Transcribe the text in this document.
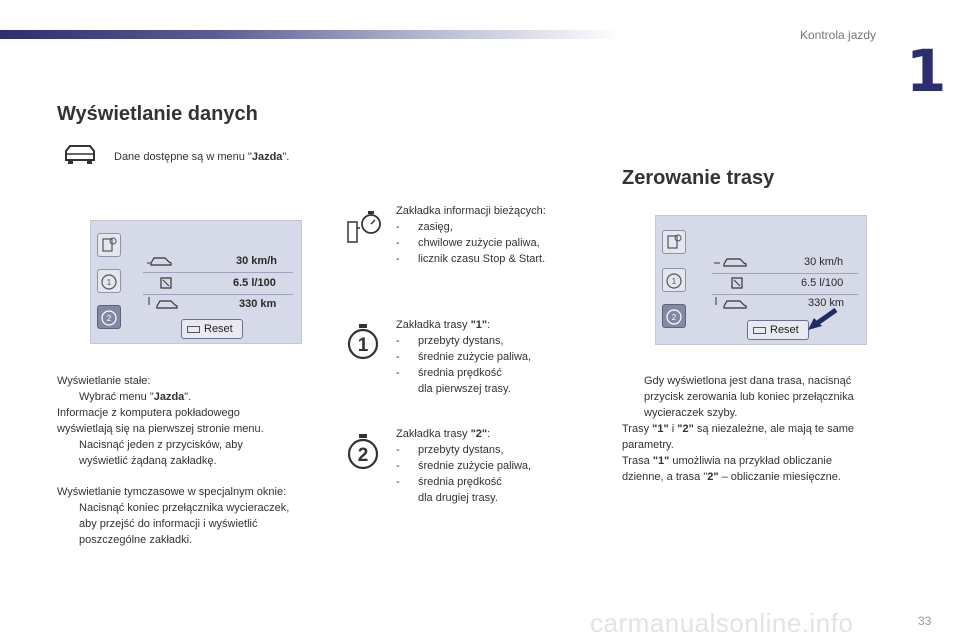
Kontrola jazdy
1
Wyświetlanie danych
Dane dostępne są w menu "Jazda".
1
2
30 km/h
6.5 l/100
330 km
Reset
Wyświetlanie stałe:
Wybrać menu "Jazda".
Informacje z komputera pokładowego
wyświetlają się na pierwszej stronie menu.
Nacisnąć jeden z przycisków, aby
wyświetlić żądaną zakładkę.
Wyświetlanie tymczasowe w specjalnym oknie:
Nacisnąć koniec przełącznika wycieraczek,
aby przejść do informacji i wyświetlić
poszczególne zakładki.
Zakładka informacji bieżących:
- zasięg,
- chwilowe zużycie paliwa,
- licznik czasu Stop & Start.
1
Zakładka trasy "1":
- przebyty dystans,
- średnie zużycie paliwa,
- średnia prędkość
dla pierwszej trasy.
2
Zakładka trasy "2":
- przebyty dystans,
- średnie zużycie paliwa,
- średnia prędkość
dla drugiej trasy.
Zerowanie trasy
1
2
30 km/h
6.5 l/100
330 km
Reset
Gdy wyświetlona jest dana trasa, nacisnąć
przycisk zerowania lub koniec przełącznika
wycieraczek szyby.
Trasy "1" i "2" są niezależne, ale mają te same
parametry.
Trasa "1" umożliwia na przykład obliczanie
dzienne, a trasa "2" – obliczanie miesięczne.
carmanualsonline.info	33
